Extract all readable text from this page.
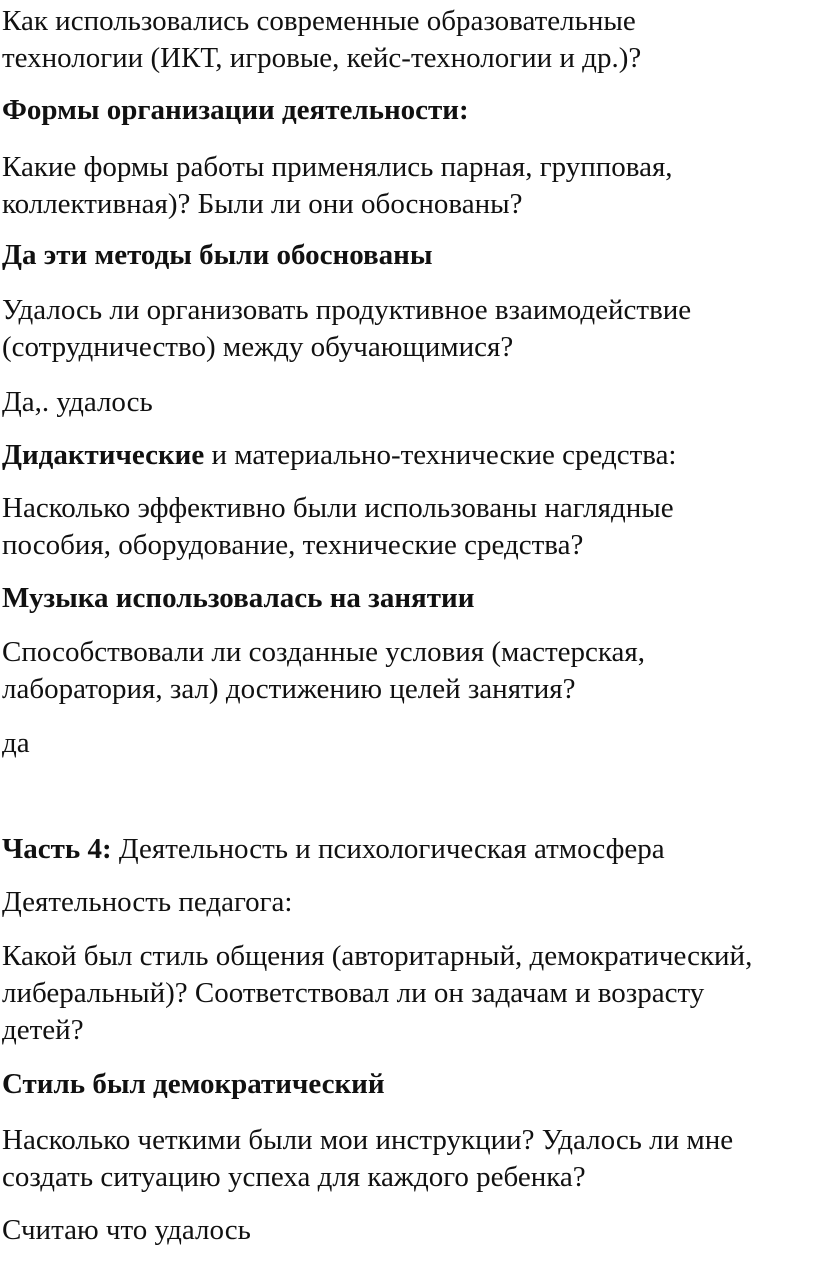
Как использовались современные образовательные
технологии (ИКТ, игровые, кейс-технологии и др.)?

Формы организации деятельности:

Какие формы работы применялись парная, групповая,
коллективная)? Были ли они обоснованы?

Да эти методы были обоснованы

Удалось ли организовать продуктивное взаимодействие
(сотрудничество) между обучающимися?

Да,. удалось

Дидактические и материально-технические средства:

Насколько эффективно были использованы наглядные
пособия, оборудование, технические средства?

Музыка использовалась на занятии

Способствовали ли созданные условия (мастерская,
лаборатория, зал) достижению целей занятия?

да

Часть 4: Деятельность и психологическая атмосфера

Деятельность педагога:

Какой был стиль общения (авторитарный, демократический,
либеральный)? Соответствовал ли он задачам и возрасту
детей?

Стиль был демократический

Насколько четкими были мои инструкции? Удалось ли мне
создать ситуацию успеха для каждого ребенка?

Считаю что удалось
